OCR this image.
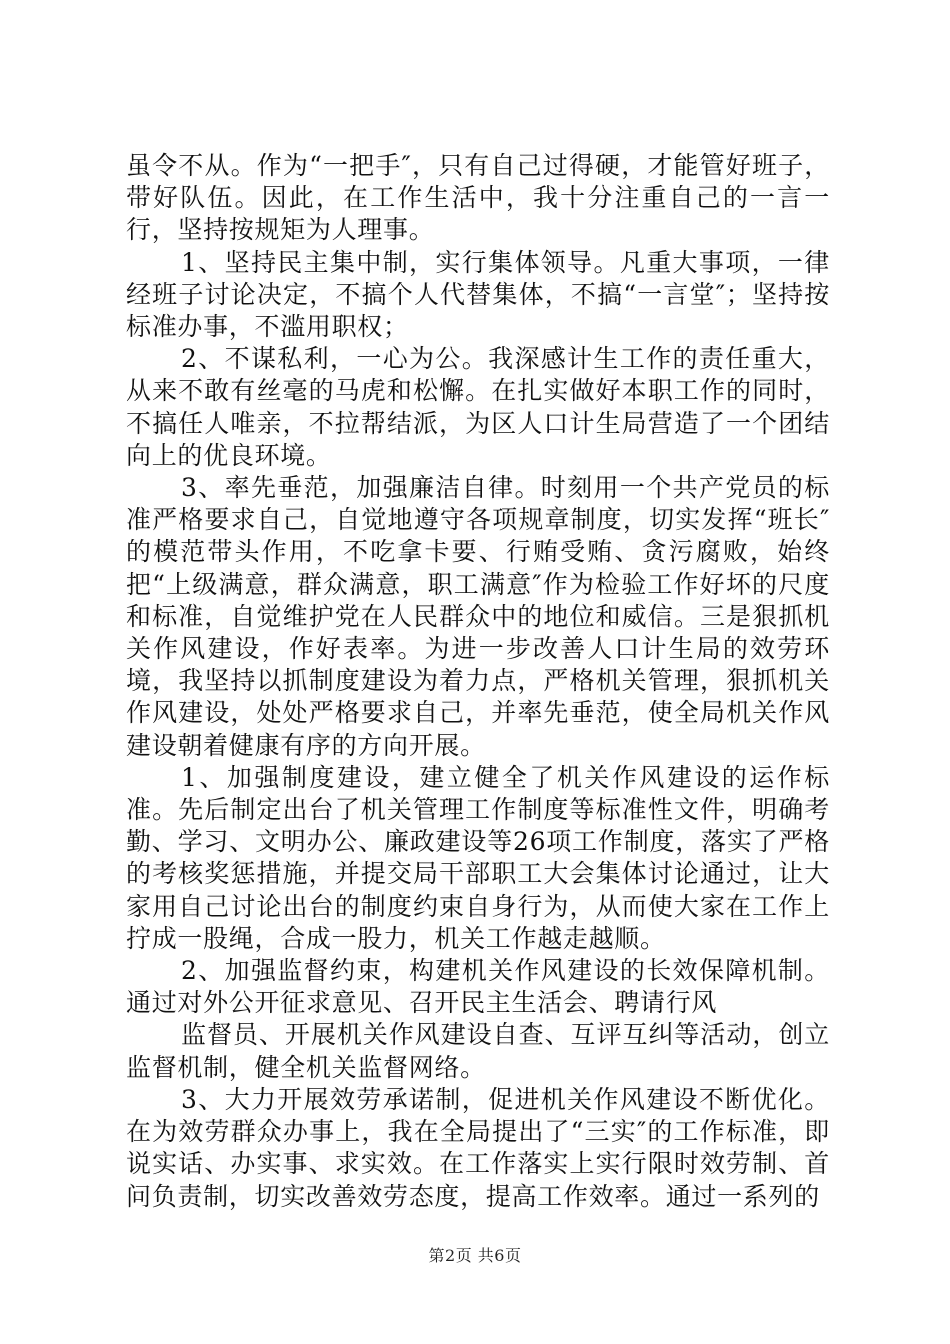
虽令不从。作为“一把手″，只有自己过得硬，才能管好班子，带好队伍。因此，在工作生活中，我十分注重自己的一言一行，坚持按规矩为人理事。

1、坚持民主集中制，实行集体领导。凡重大事项，一律经班子讨论决定，不搞个人代替集体，不搞“一言堂″；坚持按标准办事，不滥用职权；

2、不谋私利，一心为公。我深感计生工作的责任重大，从来不敢有丝毫的马虎和松懈。在扎实做好本职工作的同时，不搞任人唯亲，不拉帮结派，为区人口计生局营造了一个团结向上的优良环境。

3、率先垂范，加强廉洁自律。时刻用一个共产党员的标准严格要求自己，自觉地遵守各项规章制度，切实发挥“班长″的模范带头作用，不吃拿卡要、行贿受贿、贪污腐败，始终把“上级满意，群众满意，职工满意″作为检验工作好坏的尺度和标准，自觉维护党在人民群众中的地位和威信。三是狠抓机关作风建设，作好表率。为进一步改善人口计生局的效劳环境，我坚持以抓制度建设为着力点，严格机关管理，狠抓机关作风建设，处处严格要求自己，并率先垂范，使全局机关作风建设朝着健康有序的方向开展。

1、加强制度建设，建立健全了机关作风建设的运作标准。先后制定出台了机关管理工作制度等标准性文件，明确考勤、学习、文明办公、廉政建设等26项工作制度，落实了严格的考核奖惩措施，并提交局干部职工大会集体讨论通过，让大家用自己讨论出台的制度约束自身行为，从而使大家在工作上拧成一股绳，合成一股力，机关工作越走越顺。

2、加强监督约束，构建机关作风建设的长效保障机制。通过对外公开征求意见、召开民主生活会、聘请行风

监督员、开展机关作风建设自查、互评互纠等活动，创立监督机制，健全机关监督网络。

3、大力开展效劳承诺制，促进机关作风建设不断优化。在为效劳群众办事上，我在全局提出了“三实″的工作标准，即说实话、办实事、求实效。在工作落实上实行限时效劳制、首问负责制，切实改善效劳态度，提高工作效率。通过一系列的

第2页 共6页
